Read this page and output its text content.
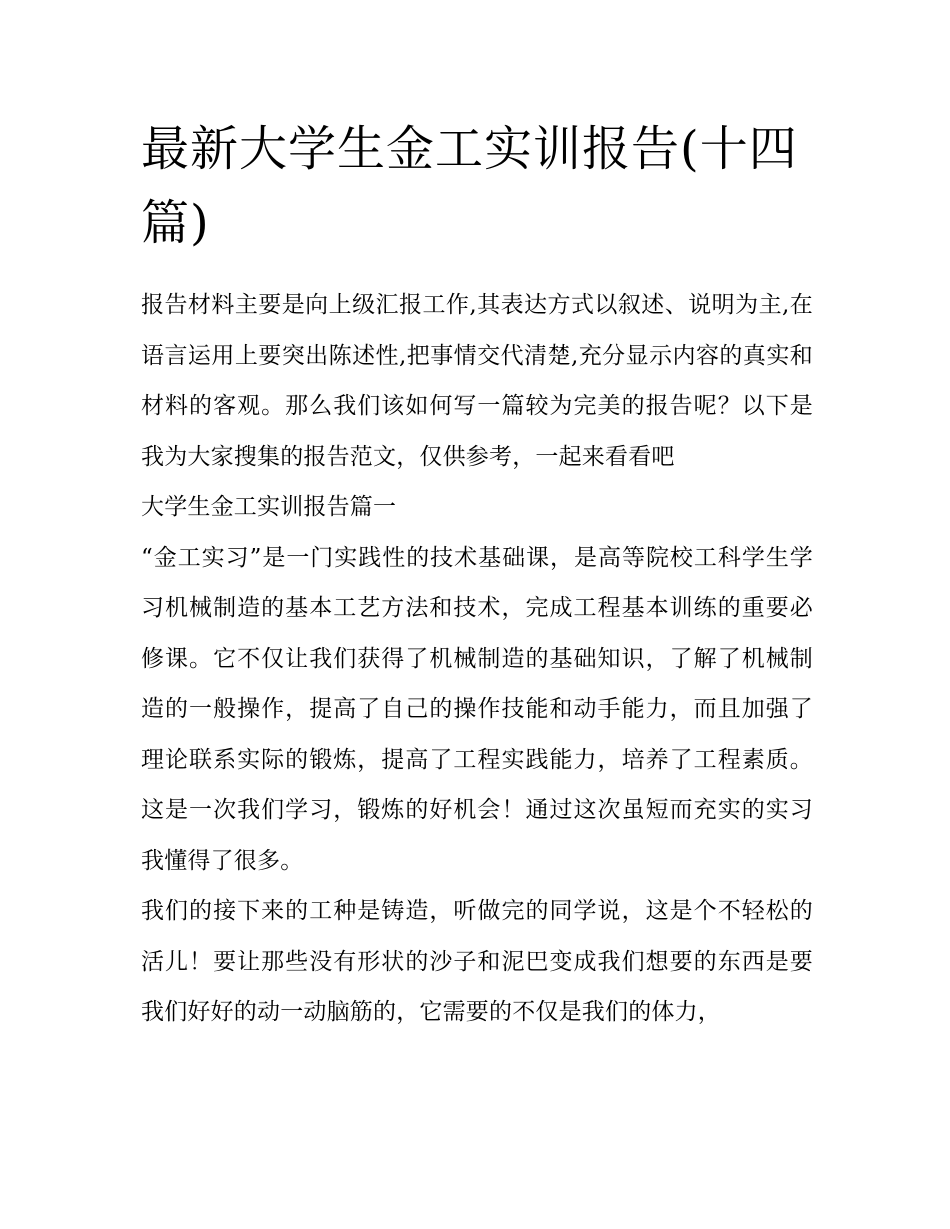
最新大学生金工实训报告(十四篇)

报告材料主要是向上级汇报工作,其表达方式以叙述、说明为主,在语言运用上要突出陈述性,把事情交代清楚,充分显示内容的真实和材料的客观。那么我们该如何写一篇较为完美的报告呢？以下是我为大家搜集的报告范文，仅供参考，一起来看看吧

大学生金工实训报告篇一

“金工实习”是一门实践性的技术基础课，是高等院校工科学生学习机械制造的基本工艺方法和技术，完成工程基本训练的重要必修课。它不仅让我们获得了机械制造的基础知识，了解了机械制造的一般操作，提高了自己的操作技能和动手能力，而且加强了理论联系实际的锻炼，提高了工程实践能力，培养了工程素质。这是一次我们学习，锻炼的好机会！通过这次虽短而充实的实习我懂得了很多。

我们的接下来的工种是铸造，听做完的同学说，这是个不轻松的活儿！要让那些没有形状的沙子和泥巴变成我们想要的东西是要我们好好的动一动脑筋的，它需要的不仅是我们的体力，
